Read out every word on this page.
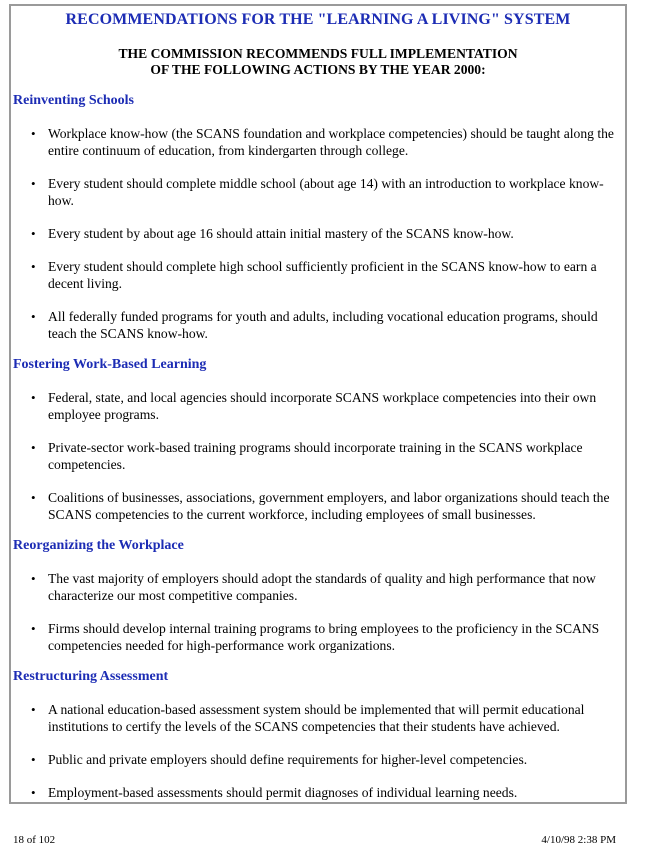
RECOMMENDATIONS FOR THE "LEARNING A LIVING" SYSTEM
THE COMMISSION RECOMMENDS FULL IMPLEMENTATION
OF THE FOLLOWING ACTIONS BY THE YEAR 2000:
Reinventing Schools
• Workplace know-how (the SCANS foundation and workplace competencies) should be taught along the entire continuum of education, from kindergarten through college.
• Every student should complete middle school (about age 14) with an introduction to workplace know-how.
• Every student by about age 16 should attain initial mastery of the SCANS know-how.
• Every student should complete high school sufficiently proficient in the SCANS know-how to earn a decent living.
• All federally funded programs for youth and adults, including vocational education programs, should teach the SCANS know-how.
Fostering Work-Based Learning
• Federal, state, and local agencies should incorporate SCANS workplace competencies into their own employee programs.
• Private-sector work-based training programs should incorporate training in the SCANS workplace competencies.
• Coalitions of businesses, associations, government employers, and labor organizations should teach the SCANS competencies to the current workforce, including employees of small businesses.
Reorganizing the Workplace
• The vast majority of employers should adopt the standards of quality and high performance that now characterize our most competitive companies.
• Firms should develop internal training programs to bring employees to the proficiency in the SCANS competencies needed for high-performance work organizations.
Restructuring Assessment
• A national education-based assessment system should be implemented that will permit educational institutions to certify the levels of the SCANS competencies that their students have achieved.
• Public and private employers should define requirements for higher-level competencies.
• Employment-based assessments should permit diagnoses of individual learning needs.
18 of 102	4/10/98 2:38 PM
